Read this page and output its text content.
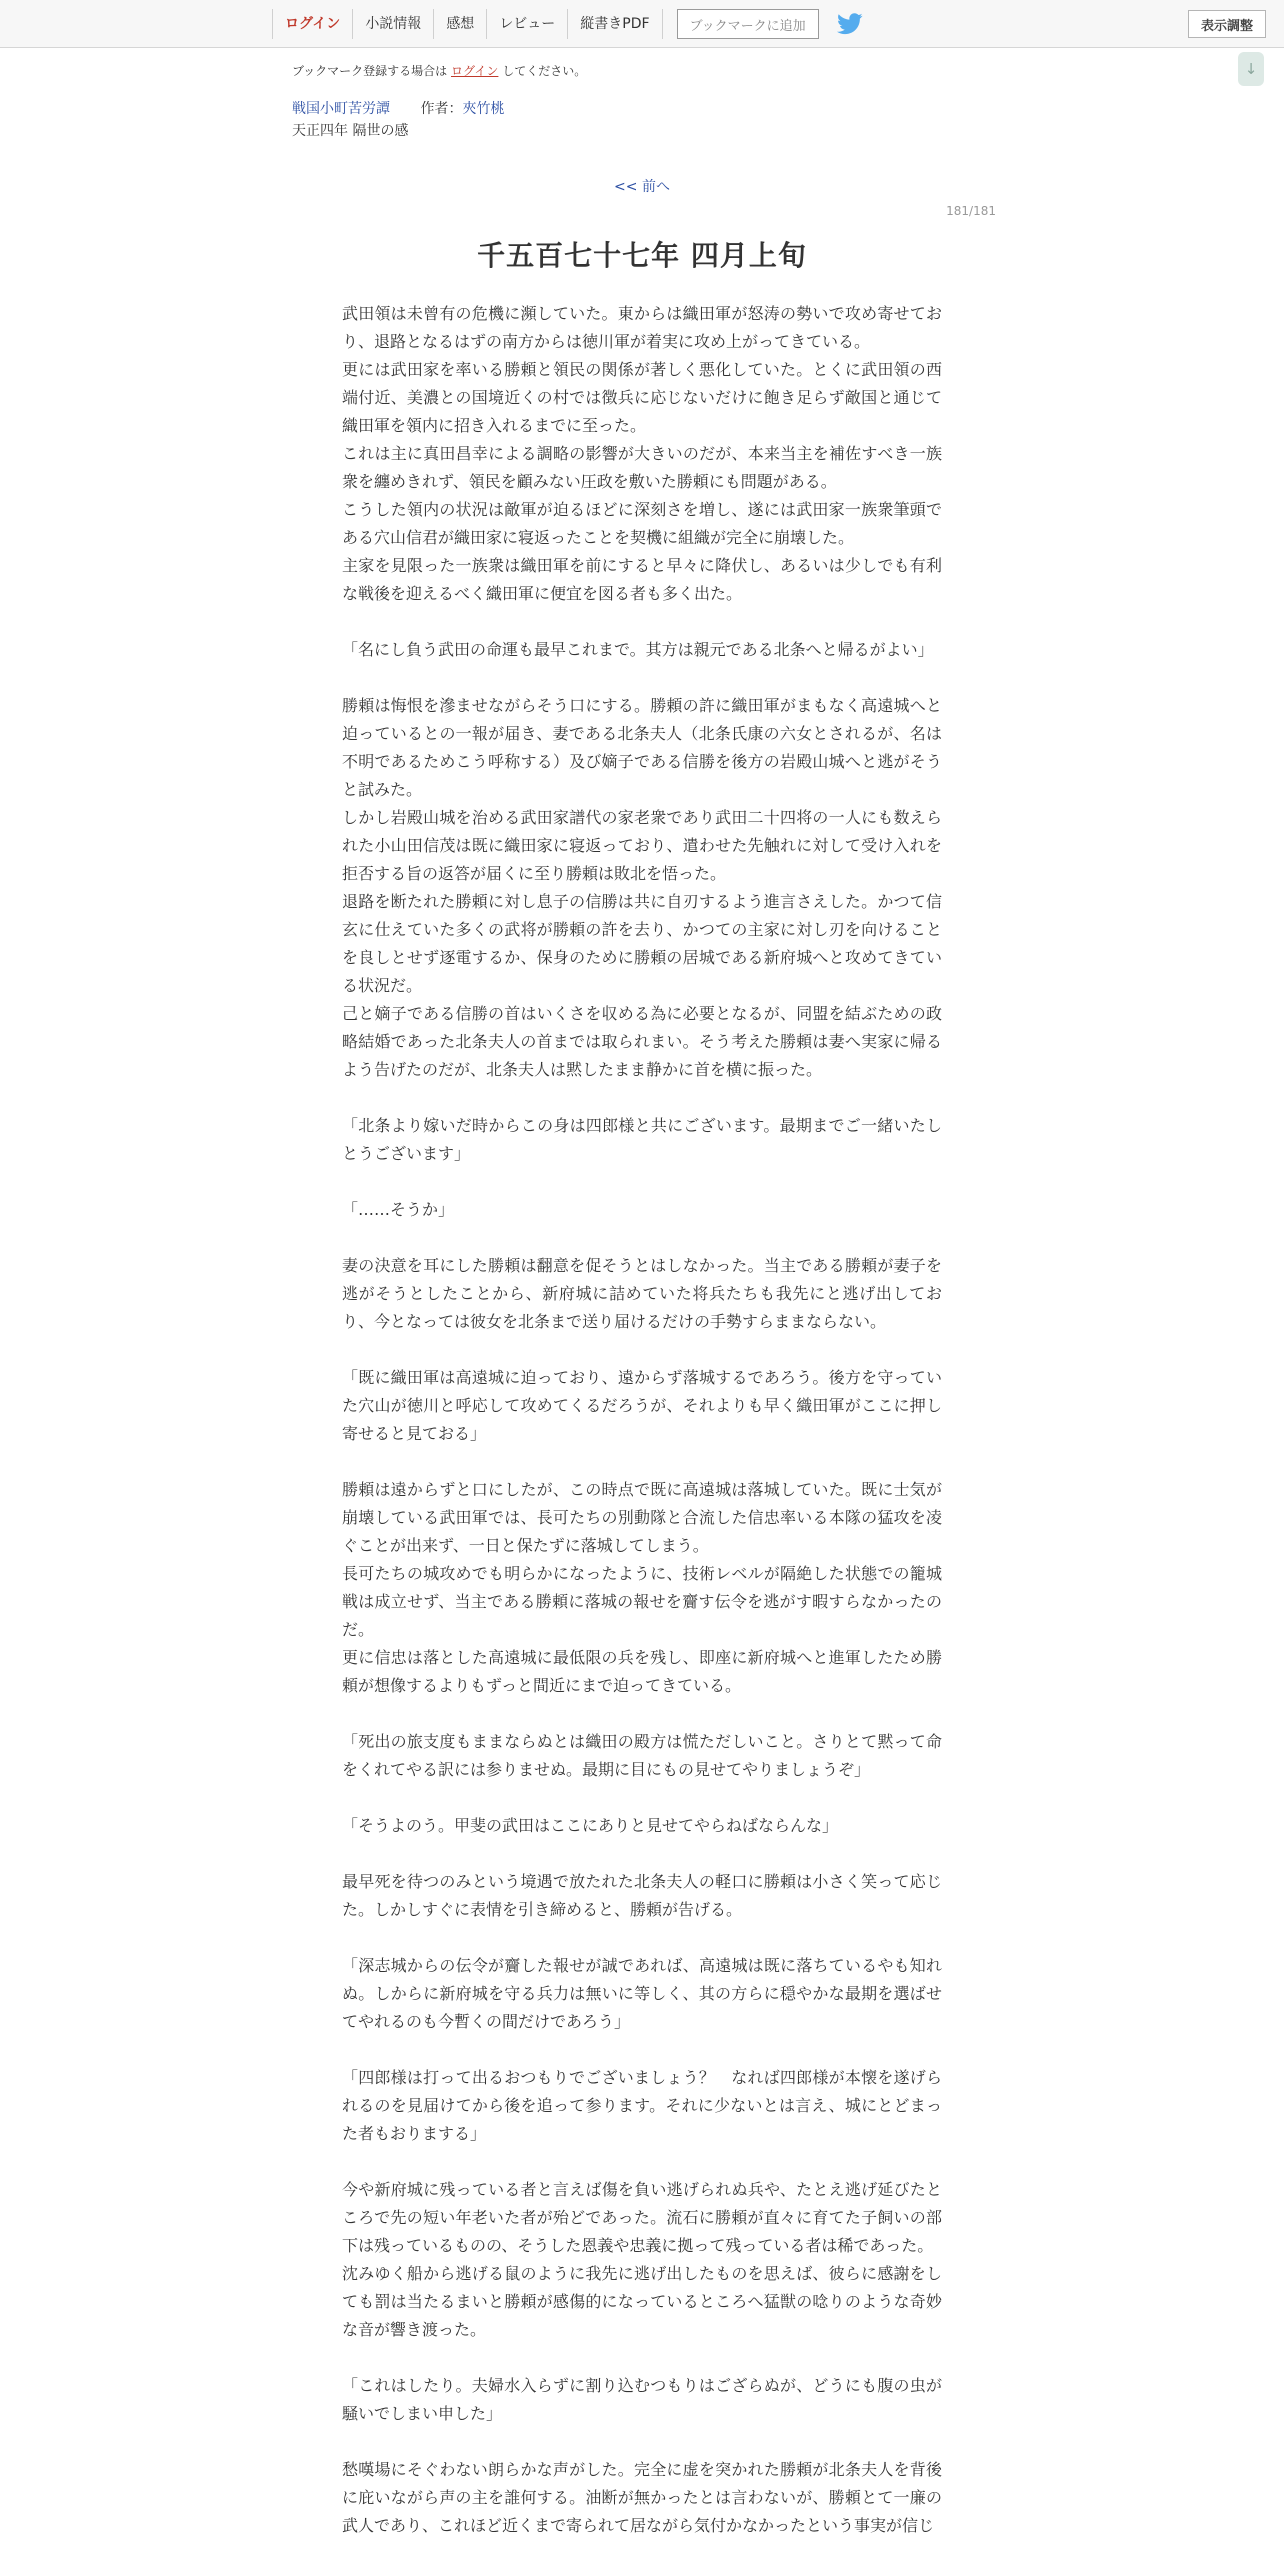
ログイン	小説情報	感想	レビュー	縦書きPDF	ブックマークに追加	表示調整
↓
ブックマーク登録する場合は ログイン してください。
戦国小町苦労譚 作者：夾竹桃
天正四年 隔世の感
<< 前へ
181/181
千五百七十七年 四月上旬

武田領は未曾有の危機に瀕していた。東からは織田軍が怒涛の勢いで攻め寄せており、退路となるはずの南方からは徳川軍が着実に攻め上がってきている。

更には武田家を率いる勝頼と領民の関係が著しく悪化していた。とくに武田領の西端付近、美濃との国境近くの村では徴兵に応じないだけに飽き足らず敵国と通じて織田軍を領内に招き入れるまでに至った。

これは主に真田昌幸による調略の影響が大きいのだが、本来当主を補佐すべき一族衆を纏めきれず、領民を顧みない圧政を敷いた勝頼にも問題がある。

こうした領内の状況は敵軍が迫るほどに深刻さを増し、遂には武田家一族衆筆頭である穴山信君が織田家に寝返ったことを契機に組織が完全に崩壊した。

主家を見限った一族衆は織田軍を前にすると早々に降伏し、あるいは少しでも有利な戦後を迎えるべく織田軍に便宜を図る者も多く出た。

「名にし負う武田の命運も最早これまで。其方は親元である北条へと帰るがよい」

勝頼は悔恨を滲ませながらそう口にする。勝頼の許に織田軍がまもなく高遠城へと迫っているとの一報が届き、妻である北条夫人（北条氏康の六女とされるが、名は不明であるためこう呼称する）及び嫡子である信勝を後方の岩殿山城へと逃がそうと試みた。

しかし岩殿山城を治める武田家譜代の家老衆であり武田二十四将の一人にも数えられた小山田信茂は既に織田家に寝返っており、遣わせた先触れに対して受け入れを拒否する旨の返答が届くに至り勝頼は敗北を悟った。

退路を断たれた勝頼に対し息子の信勝は共に自刃するよう進言さえした。かつて信玄に仕えていた多くの武将が勝頼の許を去り、かつての主家に対し刃を向けることを良しとせず逐電するか、保身のために勝頼の居城である新府城へと攻めてきている状況だ。

己と嫡子である信勝の首はいくさを収める為に必要となるが、同盟を結ぶための政略結婚であった北条夫人の首までは取られまい。そう考えた勝頼は妻へ実家に帰るよう告げたのだが、北条夫人は黙したまま静かに首を横に振った。

「北条より嫁いだ時からこの身は四郎様と共にございます。最期までご一緒いたしとうございます」

「……そうか」

妻の決意を耳にした勝頼は翻意を促そうとはしなかった。当主である勝頼が妻子を逃がそうとしたことから、新府城に詰めていた将兵たちも我先にと逃げ出しており、今となっては彼女を北条まで送り届けるだけの手勢すらままならない。

「既に織田軍は高遠城に迫っており、遠からず落城するであろう。後方を守っていた穴山が徳川と呼応して攻めてくるだろうが、それよりも早く織田軍がここに押し寄せると見ておる」

勝頼は遠からずと口にしたが、この時点で既に高遠城は落城していた。既に士気が崩壊している武田軍では、長可たちの別動隊と合流した信忠率いる本隊の猛攻を凌ぐことが出来ず、一日と保たずに落城してしまう。

長可たちの城攻めでも明らかになったように、技術レベルが隔絶した状態での籠城戦は成立せず、当主である勝頼に落城の報せを齎す伝令を逃がす暇すらなかったのだ。

更に信忠は落とした高遠城に最低限の兵を残し、即座に新府城へと進軍したため勝頼が想像するよりもずっと間近にまで迫ってきている。

「死出の旅支度もままならぬとは織田の殿方は慌ただしいこと。さりとて黙って命をくれてやる訳には参りませぬ。最期に目にもの見せてやりましょうぞ」

「そうよのう。甲斐の武田はここにありと見せてやらねばならんな」

最早死を待つのみという境遇で放たれた北条夫人の軽口に勝頼は小さく笑って応じた。しかしすぐに表情を引き締めると、勝頼が告げる。

「深志城からの伝令が齎した報せが誠であれば、高遠城は既に落ちているやも知れぬ。しからに新府城を守る兵力は無いに等しく、其の方らに穏やかな最期を選ばせてやれるのも今暫くの間だけであろう」

「四郎様は打って出るおつもりでございましょう？　なれば四郎様が本懐を遂げられるのを見届けてから後を追って参ります。それに少ないとは言え、城にとどまった者もおりまする」

今や新府城に残っている者と言えば傷を負い逃げられぬ兵や、たとえ逃げ延びたところで先の短い年老いた者が殆どであった。流石に勝頼が直々に育てた子飼いの部下は残っているものの、そうした恩義や忠義に拠って残っている者は稀であった。

沈みゆく船から逃げる鼠のように我先に逃げ出したものを思えば、彼らに感謝をしても罰は当たるまいと勝頼が感傷的になっているところへ猛獣の唸りのような奇妙な音が響き渡った。

「これはしたり。夫婦水入らずに割り込むつもりはござらぬが、どうにも腹の虫が騒いでしまい申した」

愁嘆場にそぐわない朗らかな声がした。完全に虚を突かれた勝頼が北条夫人を背後に庇いながら声の主を誰何する。油断が無かったとは言わないが、勝頼とて一廉の武人であり、これほど近くまで寄られて居ながら気付かなかったという事実が信じ
